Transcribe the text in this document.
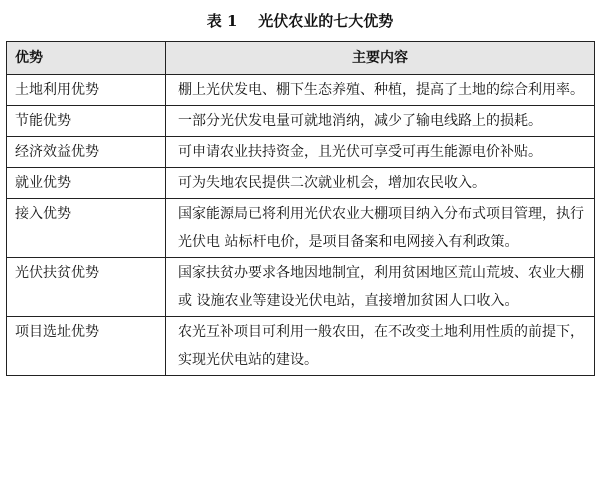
表 1    光伏农业的七大优势
优势	主要内容
土地利用优势	棚上光伏发电、棚下生态养殖、种植，提高了土地的综合利用率。
节能优势	一部分光伏发电量可就地消纳，减少了输电线路上的损耗。
经济效益优势	可申请农业扶持资金，且光伏可享受可再生能源电价补贴。
就业优势	可为失地农民提供二次就业机会，增加农民收入。
接入优势	国家能源局已将利用光伏农业大棚项目纳入分布式项目管理，执行光伏电 站标杆电价，是项目备案和电网接入有利政策。
光伏扶贫优势	国家扶贫办要求各地因地制宜，利用贫困地区荒山荒坡、农业大棚或 设施农业等建设光伏电站，直接增加贫困人口收入。
项目选址优势	农光互补项目可利用一般农田，在不改变土地利用性质的前提下，实现光伏电站的建设。
